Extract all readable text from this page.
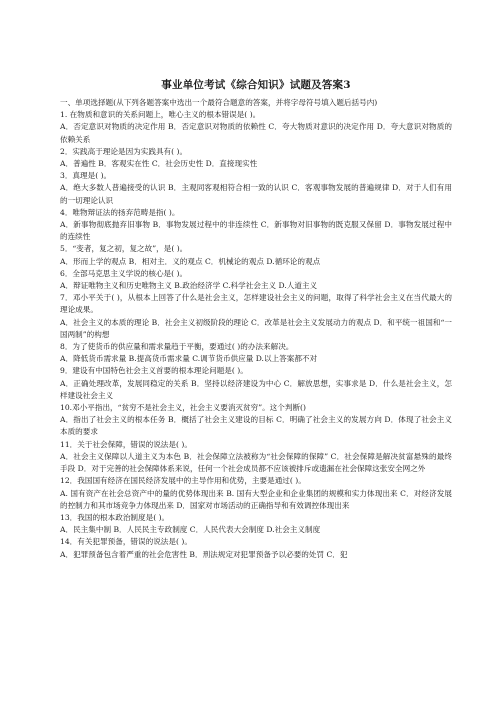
事业单位考试《综合知识》试题及答案3
一、单项选择题(从下列各题答案中选出一个最符合题意的答案，并将字母符号填入题后括号内)
1. 在物质和意识的关系问题上，唯心主义的根本错误是( )。
A．否定意识对物质的决定作用 B．否定意识对物质的依赖性 C．夸大物质对意识的决定作用 D．夸大意识对物质的依赖关系
2．实践高于理论是因为实践具有( )。
A．普遍性 B．客观实在性 C．社会历史性 D．直接现实性
3．真理是( )。
A．绝大多数人普遍接受的认识 B．主观同客观相符合相一致的认识 C．客观事物发展的普遍规律 D．对于人们有用的一切理论认识
4．唯物辩证法的扬弃范畴是指( )。
A．新事物彻底抛弃旧事物 B．事物发展过程中的非连续性 C．新事物对旧事物的既克服又保留 D．事物发展过程中的连续性
5．“变者，复之初，复之故”，是( )。
A．形而上学的观点 B．相对主．义的观点 C．机械论的观点 D.循环论的观点
6．全部马克思主义学说的核心是( )。
A．辩证唯物主义和历史唯物主义 B.政治经济学 C.科学社会主义 D.人道主义
7．邓小平关于( )，从根本上回答了什么是社会主义，怎样建设社会主义的问题，取得了科学社会主义在当代最大的理论成果。
A．社会主义的本质的理论 B．社会主义初级阶段的理论 C．改革是社会主义发展动力的观点 D．和平统一祖国和“一国两制”的构想
8．为了使货币的供应量和需求量趋于平衡，要通过( )的办法来解决。
A．降低货币需求量 B.提高货币需求量 C.调节货币供应量 D.以上答案都不对
9．建设有中国特色社会主义首要的根本理论问题是( )。
A．正确处理改革，发展同稳定的关系 B．坚持以经济建设为中心 C．解放思想，实事求是 D．什么是社会主义，怎样建设社会主义
10.邓小平指出，“贫穷不是社会主义，社会主义要消灭贫穷”。这个判断()
A．指出了社会主义的根本任务 B．概括了社会主义建设的目标 C．明确了社会主义的发展方向 D．体现了社会主义本质的要求
11．关于社会保障，错误的说法是( )。
A．社会主义保障以人道主义为本色 B．社会保障立法被称为“社会保障的保障” C．社会保障是解决贫富悬殊的最终手段 D．对于完善的社会保障体系来说，任何一个社会成员都不应该被排斥或遗漏在社会保障这张安全网之外
12．我国国有经济在国民经济发展中的主导作用和优势，主要是通过( )。
A. 国有资产在社会总资产中的量的优势体现出来 B. 国有大型企业和企业集团的规模和实力体现出来 C．对经济发展的控制力和其市场竞争力体现出来 D．国家对市场活动的正确指导和有效调控体现出来
13．我国的根本政治制度是( )。
A．民主集中制 B．人民民主专政制度 C．人民代表大会制度 D.社会主义制度
14．有关犯罪预备，错误的说法是( )。
A．犯罪预备包含着严重的社会危害性 B．刑法规定对犯罪预备予以必要的处罚 C．犯
